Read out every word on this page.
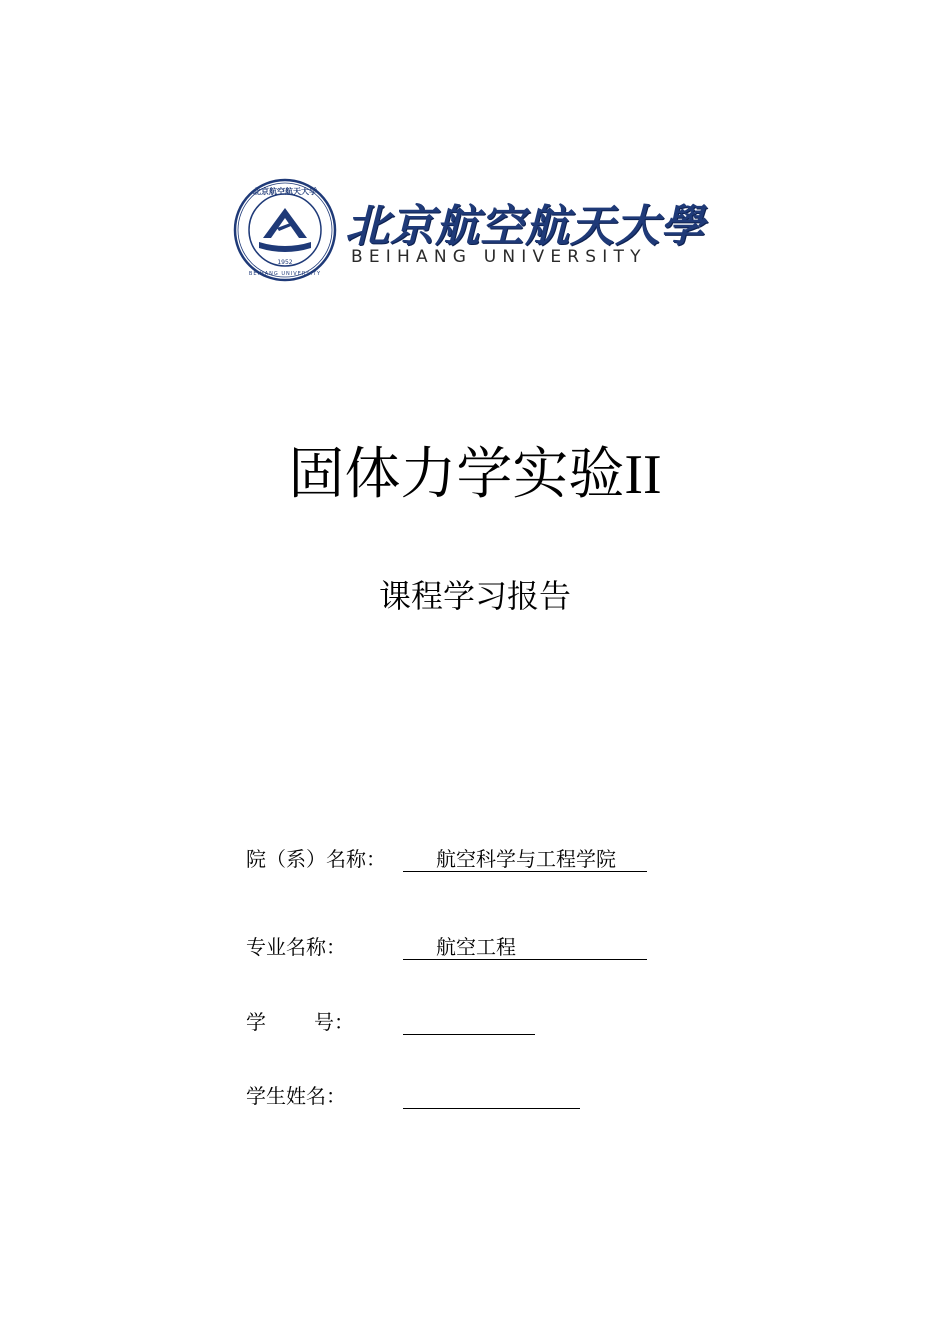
1952
北京航空航天大学
BEIHANG UNIVERSITY
北京航空航天大學
BEIHANG UNIVERSITY
固体力学实验II
课程学习报告
院（系）名称：	航空科学与工程学院
专业名称：	航空工程
学 号：
学生姓名：
